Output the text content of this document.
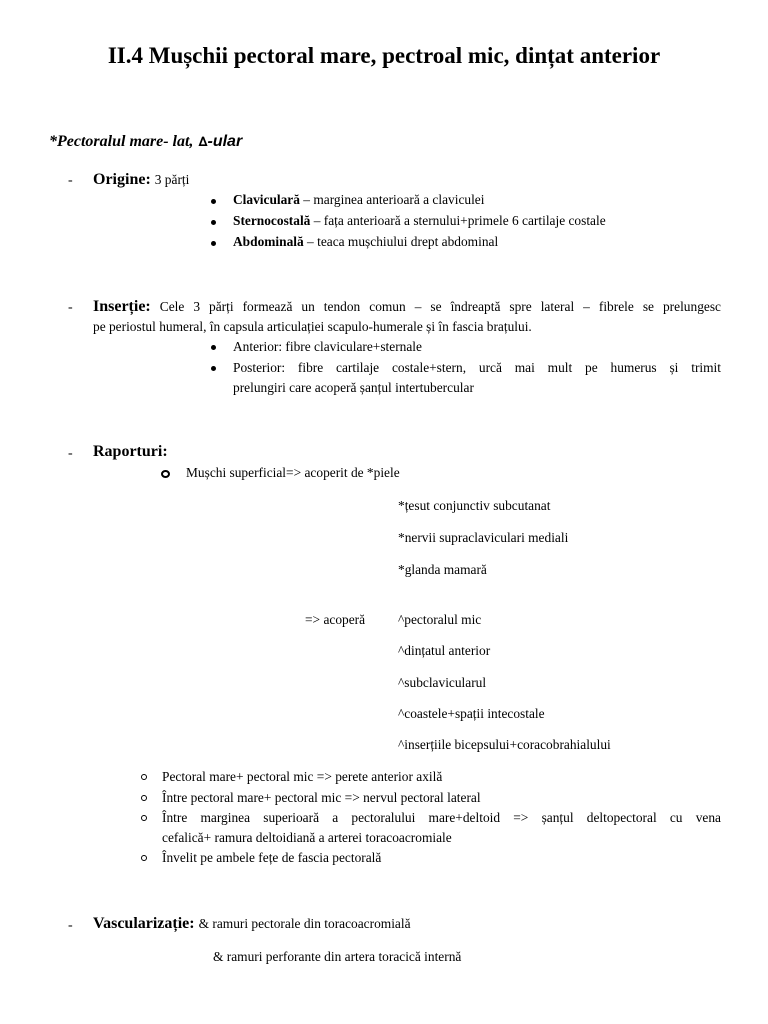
II.4 Mușchii pectoral mare, pectroal mic, dințat anterior
*Pectoralul mare- lat, ∆-ular
- Origine: 3 părți
Claviculară – marginea anterioară a claviculei
Sternocostală – fața anterioară a sternului+primele 6 cartilaje costale
Abdominală – teaca mușchiului drept abdominal
- Inserție: Cele 3 părți formează un tendon comun – se îndreaptă spre lateral – fibrele se prelungesc
pe periostul humeral, în capsula articulației scapulo-humerale și în fascia brațului.
Anterior: fibre claviculare+sternale
Posterior: fibre cartilaje costale+stern, urcă mai mult pe humerus și trimit
prelungiri care acoperă șanțul intertubercular
- Raporturi:
Mușchi superficial=> acoperit de *piele
*țesut conjunctiv subcutanat
*nervii supraclaviculari mediali
*glanda mamară
=> acoperă ^pectoralul mic
^dințatul anterior
^subclavicularul
^coastele+spații intecostale
^inserțiile bicepsului+coracobrahialului
Pectoral mare+ pectoral mic => perete anterior axilă
Între pectoral mare+ pectoral mic => nervul pectoral lateral
Între marginea superioară a pectoralului mare+deltoid => șanțul deltopectoral cu vena
cefalică+ ramura deltoidiană a arterei toracoacromiale
Învelit pe ambele fețe de fascia pectorală
- Vascularizație: & ramuri pectorale din toracoacromială
& ramuri perforante din artera toracică internă
